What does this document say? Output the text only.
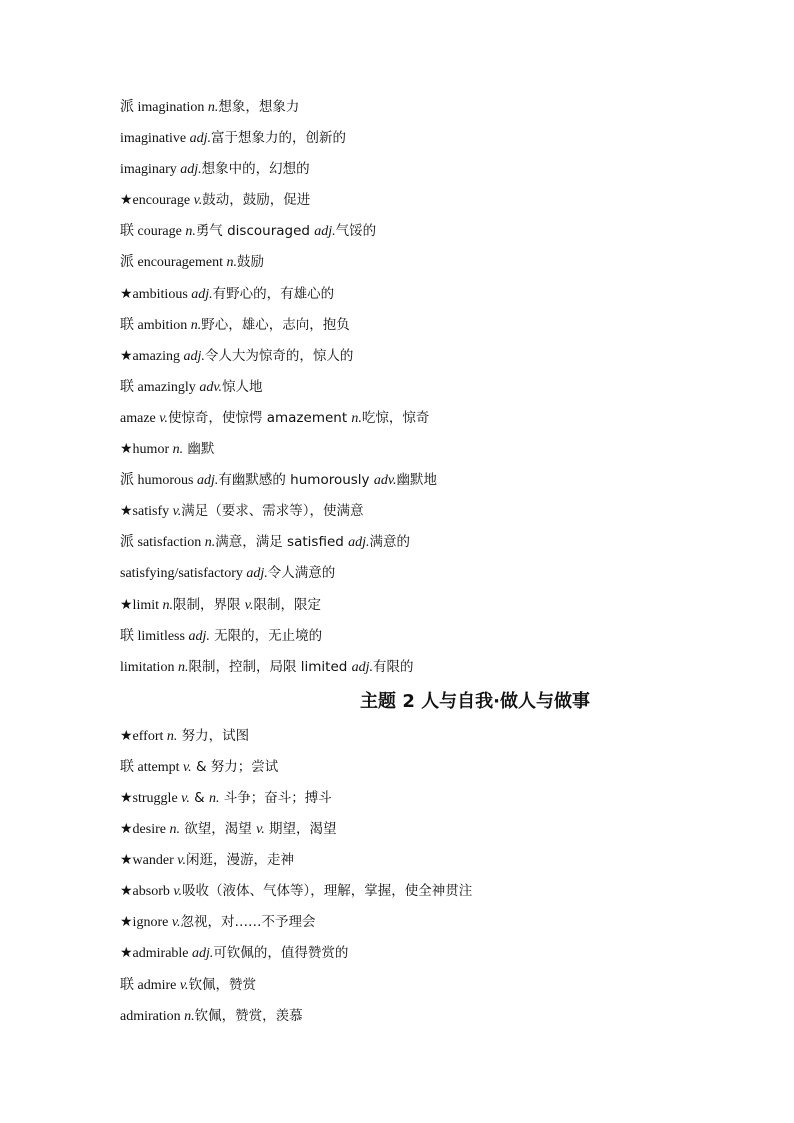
派 imagination n.想象，想象力
imaginative adj.富于想象力的，创新的
imaginary adj.想象中的，幻想的
★encourage v.鼓动，鼓励，促进
联 courage n.勇气 discouraged adj.气馁的
派 encouragement n.鼓励
★ambitious adj.有野心的，有雄心的
联 ambition n.野心，雄心，志向，抱负
★amazing adj.令人大为惊奇的，惊人的
联 amazingly adv.惊人地
amaze v.使惊奇，使惊愕 amazement n.吃惊，惊奇
★humor n. 幽默
派 humorous adj.有幽默感的 humorously adv.幽默地
★satisfy v.满足（要求、需求等），使满意
派 satisfaction n.满意，满足 satisfied adj.满意的
satisfying/satisfactory adj.令人满意的
★limit n.限制，界限 v.限制，限定
联 limitless adj. 无限的，无止境的
limitation n.限制，控制，局限 limited adj.有限的
主题 2 人与自我·做人与做事
★effort n. 努力，试图
联 attempt v. & 努力；尝试
★struggle v. & n. 斗争；奋斗；搏斗
★desire n. 欲望，渴望 v. 期望，渴望
★wander v.闲逛，漫游，走神
★absorb v.吸收（液体、气体等），理解，掌握，使全神贯注
★ignore v.忽视，对……不予理会
★admirable adj.可钦佩的，值得赞赏的
联 admire v.钦佩，赞赏
admiration n.钦佩，赞赏，羡慕
